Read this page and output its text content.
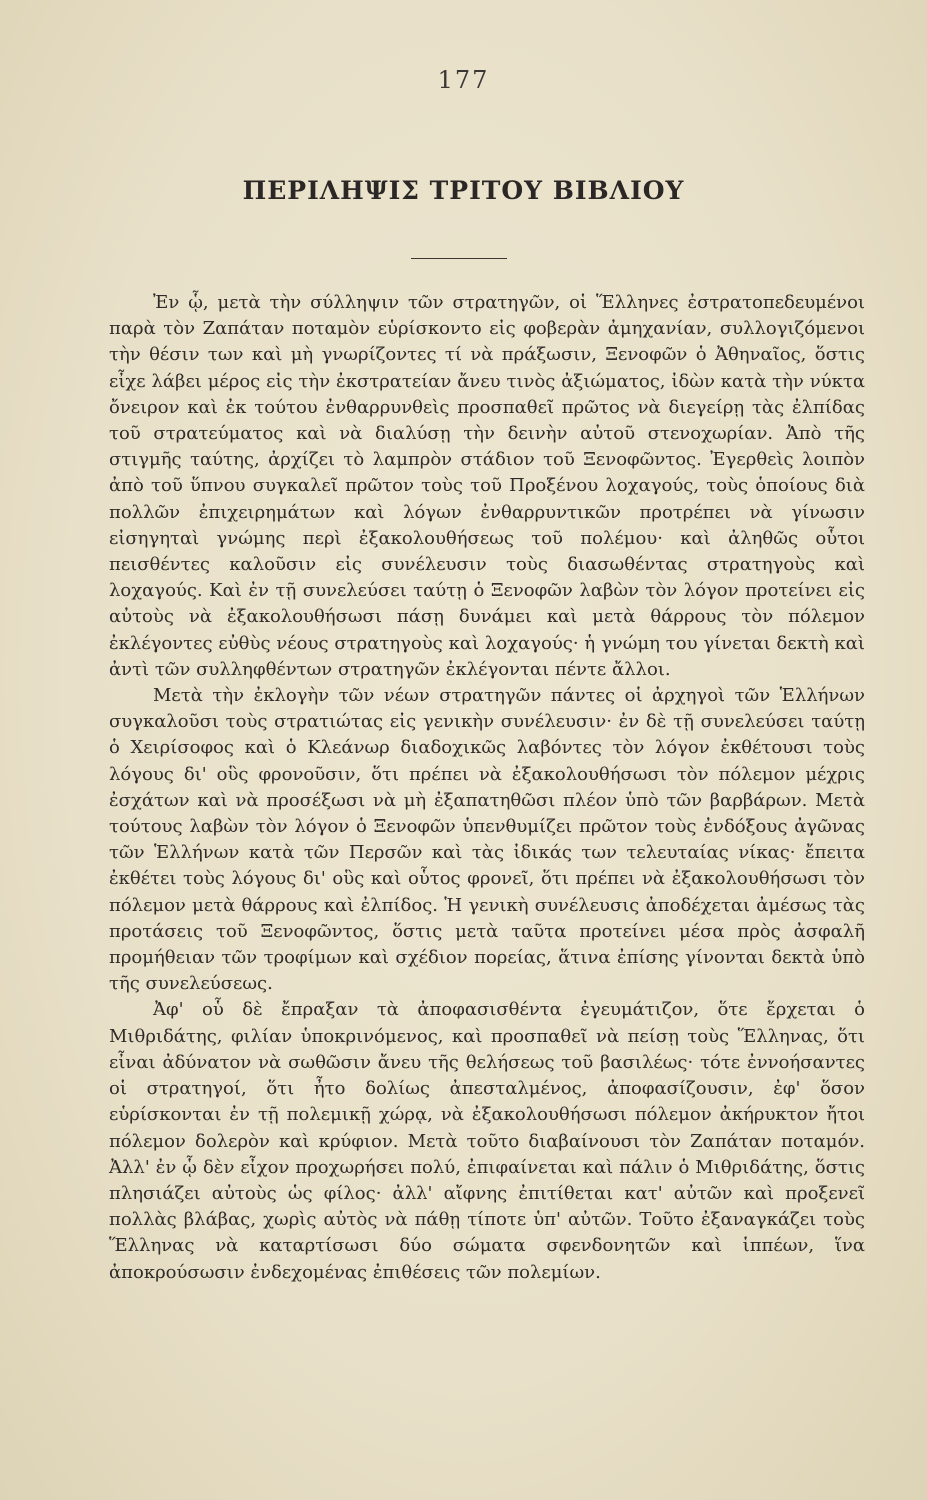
177
ΠΕΡΙΛΗΨΙΣ ΤΡΙΤΟΥ ΒΙΒΛΙΟΥ

Ἐν ᾧ, μετὰ τὴν σύλληψιν τῶν στρατηγῶν, οἱ Ἕλληνες ἐστρατοπεδευμένοι παρὰ τὸν Ζαπάταν ποταμὸν εὑρίσκοντο εἰς φοβερὰν ἀμηχανίαν, συλλογιζόμενοι τὴν θέσιν των καὶ μὴ γνωρίζοντες τί νὰ πράξωσιν, Ξενοφῶν ὁ Ἀθηναῖος, ὅστις εἶχε λάβει μέρος εἰς τὴν ἐκστρατείαν ἄνευ τινὸς ἀξιώματος, ἰδὼν κατὰ τὴν νύκτα ὄνειρον καὶ ἐκ τούτου ἐνθαρρυνθεὶς προσπαθεῖ πρῶτος νὰ διεγείρῃ τὰς ἐλπίδας τοῦ στρατεύματος καὶ νὰ διαλύσῃ τὴν δεινὴν αὐτοῦ στενοχωρίαν. Ἀπὸ τῆς στιγμῆς ταύτης, ἀρχίζει τὸ λαμπρὸν στάδιον τοῦ Ξενοφῶντος. Ἐγερθεὶς λοιπὸν ἀπὸ τοῦ ὕπνου συγκαλεῖ πρῶτον τοὺς τοῦ Προξένου λοχαγούς, τοὺς ὁποίους διὰ πολλῶν ἐπιχειρημάτων καὶ λόγων ἐνθαρρυντικῶν προτρέπει νὰ γίνωσιν εἰσηγηταὶ γνώμης περὶ ἐξακολουθήσεως τοῦ πολέμου· καὶ ἀληθῶς οὗτοι πεισθέντες καλοῦσιν εἰς συνέλευσιν τοὺς διασωθέντας στρατηγοὺς καὶ λοχαγούς. Καὶ ἐν τῇ συνελεύσει ταύτῃ ὁ Ξενοφῶν λαβὼν τὸν λόγον προτείνει εἰς αὐτοὺς νὰ ἐξακολουθήσωσι πάσῃ δυνάμει καὶ μετὰ θάρρους τὸν πόλεμον ἐκλέγοντες εὐθὺς νέους στρατηγοὺς καὶ λοχαγούς· ἡ γνώμη του γίνεται δεκτὴ καὶ ἀντὶ τῶν συλληφθέντων στρατηγῶν ἐκλέγονται πέντε ἄλλοι.

Μετὰ τὴν ἐκλογὴν τῶν νέων στρατηγῶν πάντες οἱ ἀρχηγοὶ τῶν Ἑλλήνων συγκαλοῦσι τοὺς στρατιώτας εἰς γενικὴν συνέλευσιν· ἐν δὲ τῇ συνελεύσει ταύτῃ ὁ Χειρίσοφος καὶ ὁ Κλεάνωρ διαδοχικῶς λαβόντες τὸν λόγον ἐκθέτουσι τοὺς λόγους δι' οὓς φρονοῦσιν, ὅτι πρέπει νὰ ἐξακολουθήσωσι τὸν πόλεμον μέχρις ἐσχάτων καὶ νὰ προσέξωσι νὰ μὴ ἐξαπατηθῶσι πλέον ὑπὸ τῶν βαρβάρων. Μετὰ τούτους λαβὼν τὸν λόγον ὁ Ξενοφῶν ὑπενθυμίζει πρῶτον τοὺς ἐνδόξους ἀγῶνας τῶν Ἑλλήνων κατὰ τῶν Περσῶν καὶ τὰς ἰδικάς των τελευταίας νίκας· ἔπειτα ἐκθέτει τοὺς λόγους δι' οὓς καὶ οὗτος φρονεῖ, ὅτι πρέπει νὰ ἐξακολουθήσωσι τὸν πόλεμον μετὰ θάρρους καὶ ἐλπίδος. Ἡ γενικὴ συνέλευσις ἀποδέχεται ἀμέσως τὰς προτάσεις τοῦ Ξενοφῶντος, ὅστις μετὰ ταῦτα προτείνει μέσα πρὸς ἀσφαλῆ προμήθειαν τῶν τροφίμων καὶ σχέδιον πορείας, ἅτινα ἐπίσης γίνονται δεκτὰ ὑπὸ τῆς συνελεύσεως.

Ἀφ' οὗ δὲ ἔπραξαν τὰ ἀποφασισθέντα ἐγευμάτιζον, ὅτε ἔρχεται ὁ Μιθριδάτης, φιλίαν ὑποκρινόμενος, καὶ προσπαθεῖ νὰ πείσῃ τοὺς Ἕλληνας, ὅτι εἶναι ἀδύνατον νὰ σωθῶσιν ἄνευ τῆς θελήσεως τοῦ βασιλέως· τότε ἐννοήσαντες οἱ στρατηγοί, ὅτι ἦτο δολίως ἀπεσταλμένος, ἀποφασίζουσιν, ἐφ' ὅσον εὑρίσκονται ἐν τῇ πολεμικῇ χώρᾳ, νὰ ἐξακολουθήσωσι πόλεμον ἀκήρυκτον ἤτοι πόλεμον δολερὸν καὶ κρύφιον. Μετὰ τοῦτο διαβαίνουσι τὸν Ζαπάταν ποταμόν. Ἀλλ' ἐν ᾧ δὲν εἶχον προχωρήσει πολύ, ἐπιφαίνεται καὶ πάλιν ὁ Μιθριδάτης, ὅστις πλησιάζει αὐτοὺς ὡς φίλος· ἀλλ' αἴφνης ἐπιτίθεται κατ' αὐτῶν καὶ προξενεῖ πολλὰς βλάβας, χωρὶς αὐτὸς νὰ πάθῃ τίποτε ὑπ' αὐτῶν. Τοῦτο ἐξαναγκάζει τοὺς Ἕλληνας νὰ καταρτίσωσι δύο σώματα σφενδονητῶν καὶ ἱππέων, ἵνα ἀποκρούσωσιν ἐνδεχομένας ἐπιθέσεις τῶν πολεμίων.
